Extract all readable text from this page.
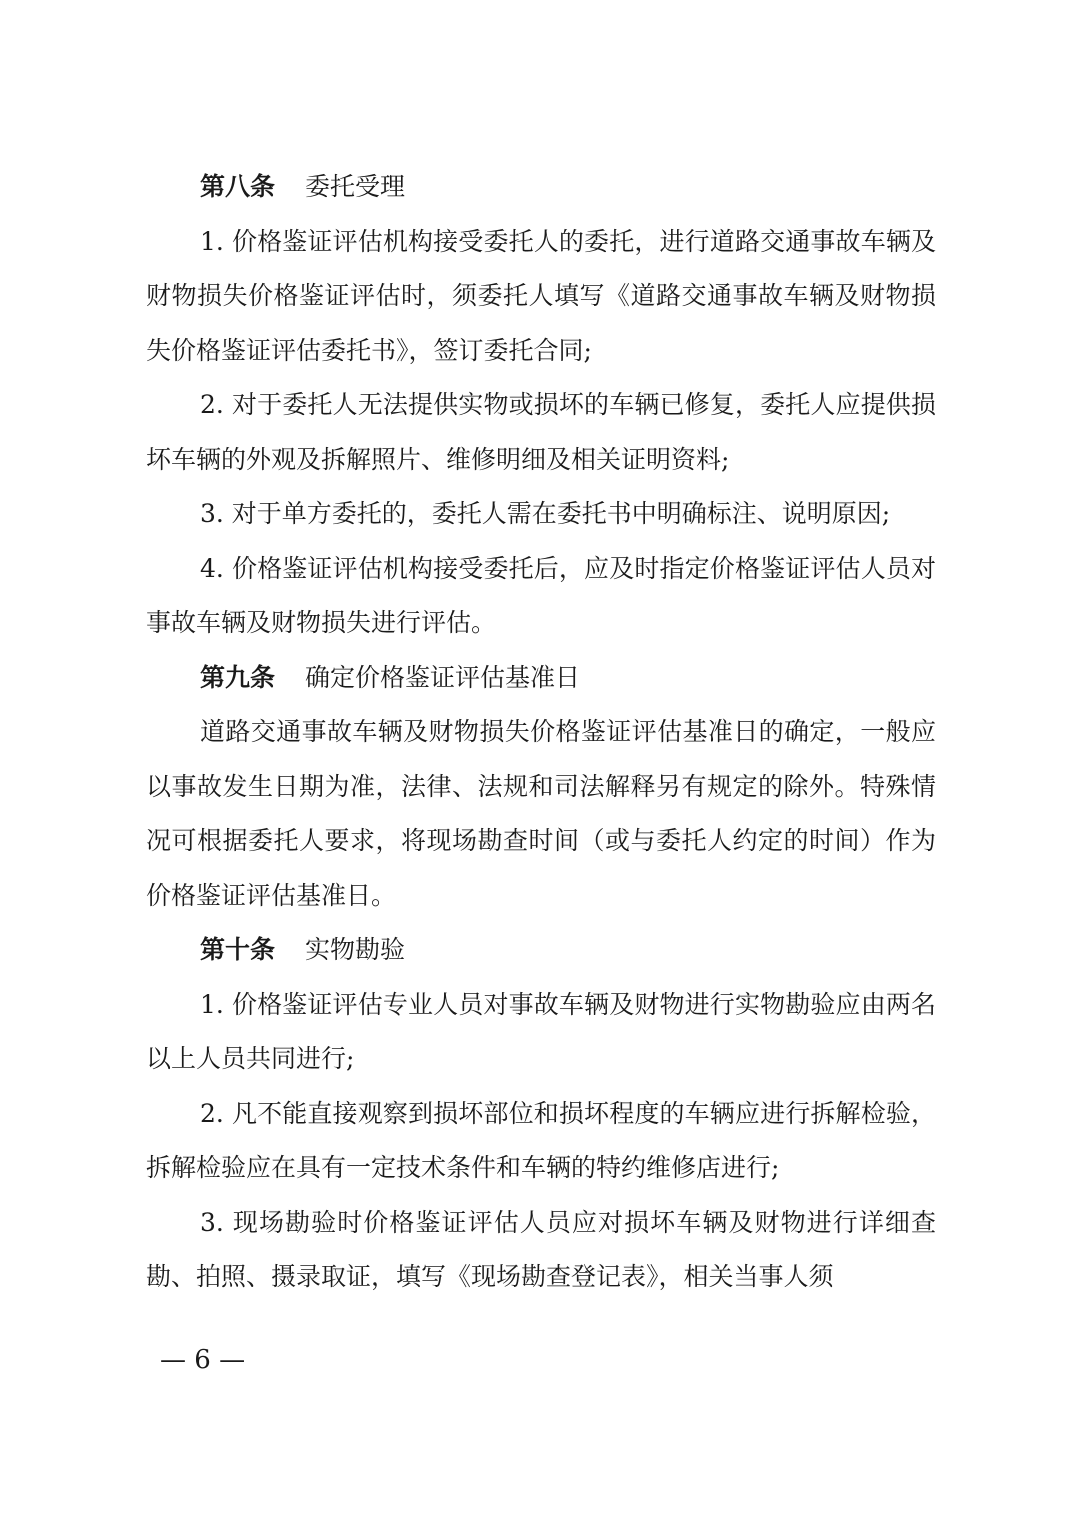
第八条 委托受理

1. 价格鉴证评估机构接受委托人的委托，进行道路交通事故车辆及财物损失价格鉴证评估时，须委托人填写《道路交通事故车辆及财物损失价格鉴证评估委托书》，签订委托合同;

2. 对于委托人无法提供实物或损坏的车辆已修复，委托人应提供损坏车辆的外观及拆解照片、维修明细及相关证明资料;

3. 对于单方委托的，委托人需在委托书中明确标注、说明原因;

4. 价格鉴证评估机构接受委托后，应及时指定价格鉴证评估人员对事故车辆及财物损失进行评估。

第九条 确定价格鉴证评估基准日

道路交通事故车辆及财物损失价格鉴证评估基准日的确定，一般应以事故发生日期为准，法律、法规和司法解释另有规定的除外。特殊情况可根据委托人要求，将现场勘查时间（或与委托人约定的时间）作为价格鉴证评估基准日。

第十条 实物勘验

1. 价格鉴证评估专业人员对事故车辆及财物进行实物勘验应由两名以上人员共同进行;

2. 凡不能直接观察到损坏部位和损坏程度的车辆应进行拆解检验，拆解检验应在具有一定技术条件和车辆的特约维修店进行;

3. 现场勘验时价格鉴证评估人员应对损坏车辆及财物进行详细查勘、拍照、摄录取证，填写《现场勘查登记表》，相关当事人须

— 6 —
